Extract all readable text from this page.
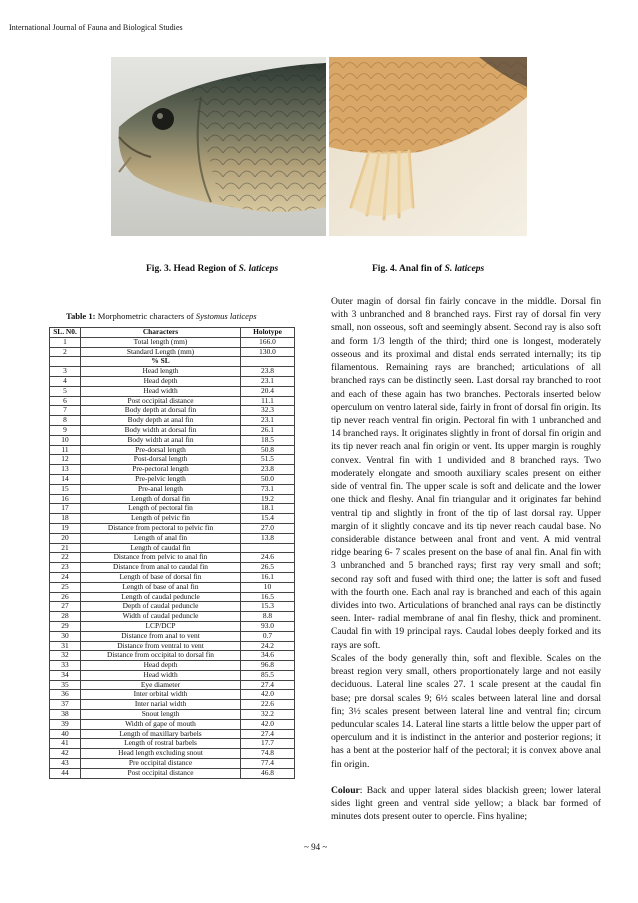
International Journal of Fauna and Biological Studies
Fig. 3. Head Region of S. laticeps	Fig. 4. Anal fin of S. laticeps
Table 1: Morphometric characters of Systomus laticeps
SL. N0.	Characters	Holotype
1	Total length (mm)	166.0
2	Standard Length (mm)	130.0
	% SL	
3	Head length	23.8
4	Head depth	23.1
5	Head width	20.4
6	Post occipital distance	11.1
7	Body depth at dorsal fin	32.3
8	Body depth at anal fin	23.1
9	Body width at dorsal fin	26.1
10	Body width at anal fin	18.5
11	Pre-dorsal length	50.8
12	Post-dorsal length	51.5
13	Pre-pectoral length	23.8
14	Pre-pelvic length	50.0
15	Pre-anal length	73.1
16	Length of dorsal fin	19.2
17	Length of pectoral fin	18.1
18	Length of pelvic fin	15.4
19	Distance from pectoral to pelvic fin	27.0
20	Length of anal fin	13.8
21	Length of caudal fin	
22	Distance from pelvic to anal fin	24.6
23	Distance from anal to caudal fin	26.5
24	Length of base of dorsal fin	16.1
25	Length of base of anal fin	10
26	Length of caudal peduncle	16.5
27	Depth of caudal peduncle	15.3
28	Width of caudal peduncle	8.8
29	LCP/DCP	93.0
30	Distance from anal to vent	0.7
31	Distance from ventral to vent	24.2
32	Distance from occipital to dorsal fin	34.6
33	Head depth	96.8
34	Head width	85.5
35	Eye diameter	27.4
36	Inter orbital width	42.0
37	Inter narial width	22.6
38	Snout length	32.2
39	Width of gape of mouth	42.0
40	Length of maxillary barbels	27.4
41	Length of rostral barbels	17.7
42	Head length excluding snout	74.8
43	Pre occipital distance	77.4
44	Post occipital distance	46.8

Outer magin of dorsal fin fairly concave in the middle. Dorsal fin with 3 unbranched and 8 branched rays. First ray of dorsal fin very small, non osseous, soft and seemingly absent. Second ray is also soft and form 1/3 length of the third; third one is longest, moderately osseous and its proximal and distal ends serrated internally; its tip filamentous. Remaining rays are branched; articulations of all branched rays can be distinctly seen. Last dorsal ray branched to root and each of these again has two branches. Pectorals inserted below operculum on ventro lateral side, fairly in front of dorsal fin origin. Its tip never reach ventral fin origin. Pectoral fin with 1 unbranched and 14 branched rays. It originates slightly in front of dorsal fin origin and its tip never reach anal fin origin or vent. Its upper margin is roughly convex. Ventral fin with 1 undivided and 8 branched rays. Two moderately elongate and smooth auxiliary scales present on either side of ventral fin. The upper scale is soft and delicate and the lower one thick and fleshy. Anal fin triangular and it originates far behind ventral tip and slightly in front of the tip of last dorsal ray. Upper margin of it slightly concave and its tip never reach caudal base. No considerable distance between anal front and vent. A mid ventral ridge bearing 6- 7 scales present on the base of anal fin. Anal fin with 3 unbranched and 5 branched rays; first ray very small and soft; second ray soft and fused with third one; the latter is soft and fused with the fourth one. Each anal ray is branched and each of this again divides into two. Articulations of branched anal rays can be distinctly seen. Inter- radial membrane of anal fin fleshy, thick and prominent. Caudal fin with 19 principal rays. Caudal lobes deeply forked and its rays are soft.

Scales of the body generally thin, soft and flexible. Scales on the breast region very small, others proportionately large and not easily deciduous. Lateral line scales 27. 1 scale present at the caudal fin base; pre dorsal scales 9; 6½ scales between lateral line and dorsal fin; 3½ scales present between lateral line and ventral fin; circum peduncular scales 14. Lateral line starts a little below the upper part of operculum and it is indistinct in the anterior and posterior regions; it has a bent at the posterior half of the pectoral; it is convex above anal fin origin.

Colour: Back and upper lateral sides blackish green; lower lateral sides light green and ventral side yellow; a black bar formed of minutes dots present outer to opercle. Fins hyaline;

~ 94 ~
